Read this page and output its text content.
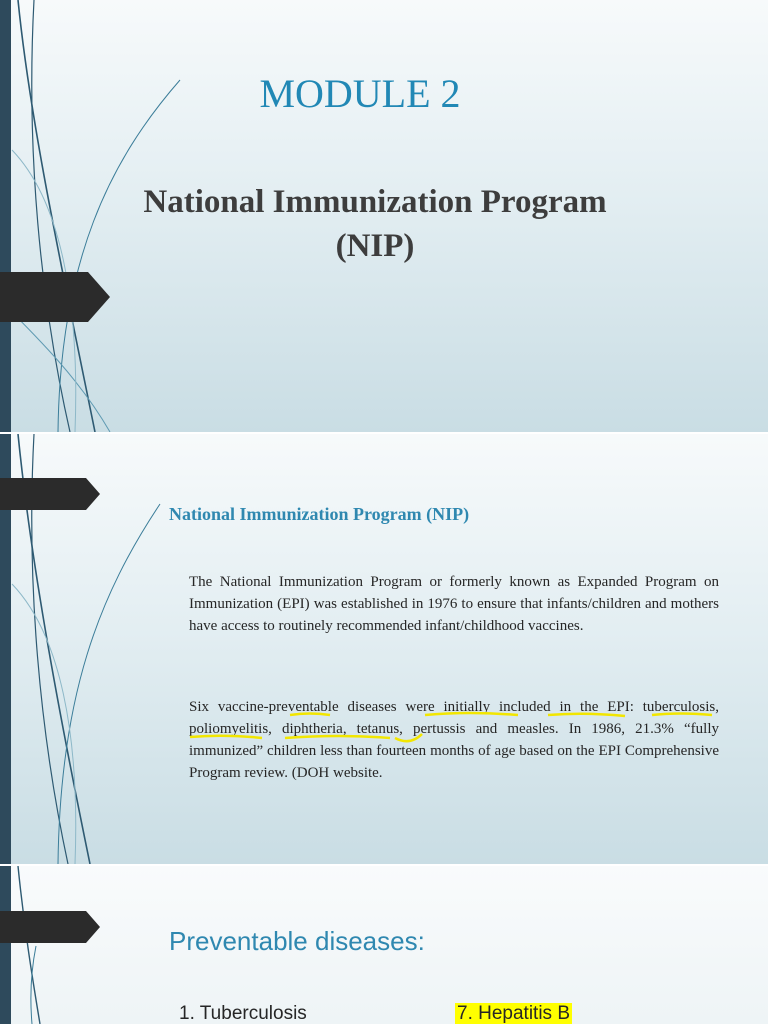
MODULE 2
National Immunization Program
(NIP)
National Immunization Program (NIP)

The National Immunization Program or formerly known as Expanded Program on Immunization (EPI) was established in 1976 to ensure that infants/children and mothers have access to routinely recommended infant/childhood vaccines.

Six vaccine-preventable diseases were initially included in the EPI: tuberculosis, poliomyelitis, diphtheria, tetanus, pertussis and measles. In 1986, 21.3% “fully immunized” children less than fourteen months of age based on the EPI Comprehensive Program review. (DOH website.

Preventable diseases:
1. Tuberculosis	7. Hepatitis B
